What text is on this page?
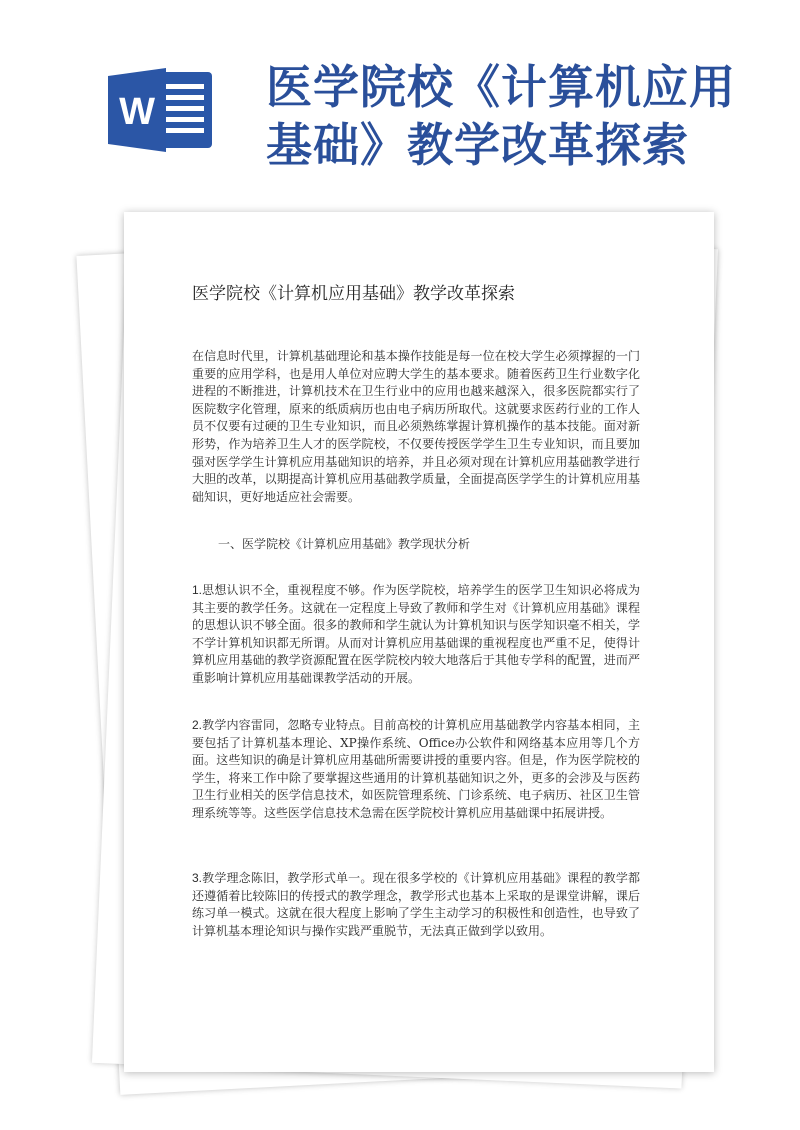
W 医学院校《计算机应用基础》教学改革探索
医学院校《计算机应用基础》教学改革探索
在信息时代里，计算机基础理论和基本操作技能是每一位在校大学生必须撑握的一门重要的应用学科，也是用人单位对应聘大学生的基本要求。随着医药卫生行业数字化进程的不断推进，计算机技术在卫生行业中的应用也越来越深入，很多医院都实行了医院数字化管理，原来的纸质病历也由电子病历所取代。这就要求医药行业的工作人员不仅要有过硬的卫生专业知识，而且必须熟练掌握计算机操作的基本技能。面对新形势，作为培养卫生人才的医学院校，不仅要传授医学学生卫生专业知识，而且要加强对医学学生计算机应用基础知识的培养，并且必须对现在计算机应用基础教学进行大胆的改革，以期提高计算机应用基础教学质量，全面提高医学学生的计算机应用基础知识，更好地适应社会需要。
一、医学院校《计算机应用基础》教学现状分析
1.思想认识不全，重视程度不够。作为医学院校，培养学生的医学卫生知识必将成为其主要的教学任务。这就在一定程度上导致了教师和学生对《计算机应用基础》课程的思想认识不够全面。很多的教师和学生就认为计算机知识与医学知识毫不相关，学不学计算机知识都无所谓。从而对计算机应用基础课的重视程度也严重不足，使得计算机应用基础的教学资源配置在医学院校内较大地落后于其他专学科的配置，进而严重影响计算机应用基础课教学活动的开展。
2.教学内容雷同，忽略专业特点。目前高校的计算机应用基础教学内容基本相同，主要包括了计算机基本理论、XP操作系统、Office办公软件和网络基本应用等几个方面。这些知识的确是计算机应用基础所需要讲授的重要内容。但是，作为医学院校的学生，将来工作中除了要掌握这些通用的计算机基础知识之外，更多的会涉及与医药卫生行业相关的医学信息技术，如医院管理系统、门诊系统、电子病历、社区卫生管理系统等等。这些医学信息技术急需在医学院校计算机应用基础课中拓展讲授。
3.教学理念陈旧，教学形式单一。现在很多学校的《计算机应用基础》课程的教学都还遵循着比较陈旧的传授式的教学理念，教学形式也基本上采取的是课堂讲解，课后练习单一模式。这就在很大程度上影响了学生主动学习的积极性和创造性，也导致了计算机基本理论知识与操作实践严重脱节，无法真正做到学以致用。
